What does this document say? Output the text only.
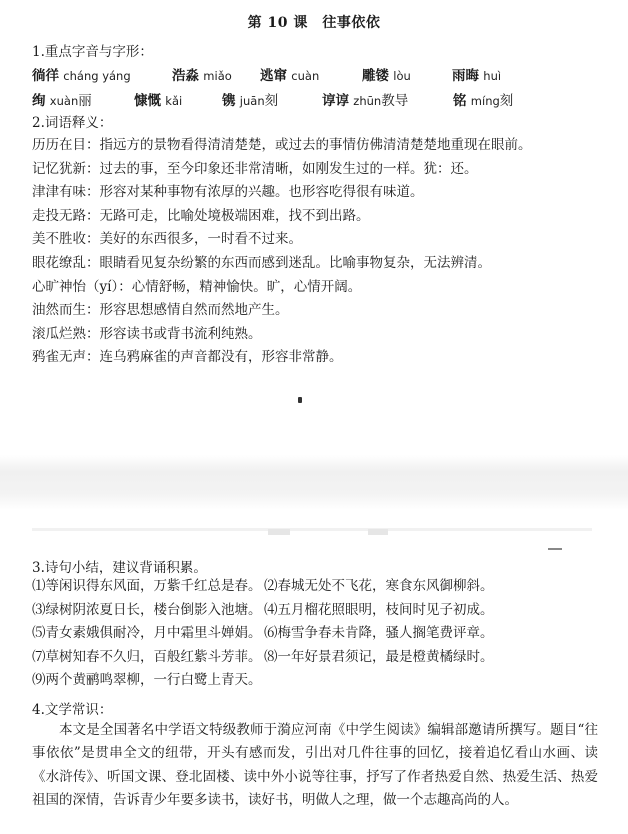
第 10 课　往事依依
1.重点字音与字形：
徜徉 cháng yáng	浩淼 miǎo 逃窜 cuàn	雕镂 lòu	雨晦 huì
绚 xuàn丽	慷慨 kǎi	镌 juān刻	谆谆 zhūn教导	铭 míng刻
2.词语释义：
历历在目：指远方的景物看得清清楚楚，或过去的事情仿佛清清楚楚地重现在眼前。
记忆犹新：过去的事，至今印象还非常清晰，如刚发生过的一样。犹：还。
津津有味：形容对某种事物有浓厚的兴趣。也形容吃得很有味道。
走投无路：无路可走，比喻处境极端困难，找不到出路。
美不胜收：美好的东西很多，一时看不过来。
眼花缭乱：眼睛看见复杂纷繁的东西而感到迷乱。比喻事物复杂，无法辨清。
心旷神怡（yí）：心情舒畅，精神愉快。旷，心情开阔。
油然而生：形容思想感情自然而然地产生。
滚瓜烂熟：形容读书或背书流利纯熟。
鸦雀无声：连乌鸦麻雀的声音都没有，形容非常静。
3.诗句小结，建议背诵积累。
⑴等闲识得东风面，万紫千红总是春。 ⑵春城无处不飞花，寒食东风御柳斜。
⑶绿树阴浓夏日长，楼台倒影入池塘。 ⑷五月榴花照眼明，枝间时见子初成。
⑸青女素娥俱耐冷，月中霜里斗婵娟。 ⑹梅雪争春未肯降，骚人搁笔费评章。
⑺草树知春不久归，百般红紫斗芳菲。 ⑻一年好景君须记，最是橙黄橘绿时。
⑼两个黄鹂鸣翠柳，一行白鹭上青天。
4.文学常识：

本文是全国著名中学语文特级教师于漪应河南《中学生阅读》编辑部邀请所撰写。题目“往事依依”是贯串全文的纽带，开头有感而发，引出对几件往事的回忆，接着追忆看山水画、读《水浒传》、听国文课、登北固楼、读中外小说等往事，抒写了作者热爱自然、热爱生活、热爱祖国的深情，告诉青少年要多读书，读好书，明做人之理，做一个志趣高尚的人。
